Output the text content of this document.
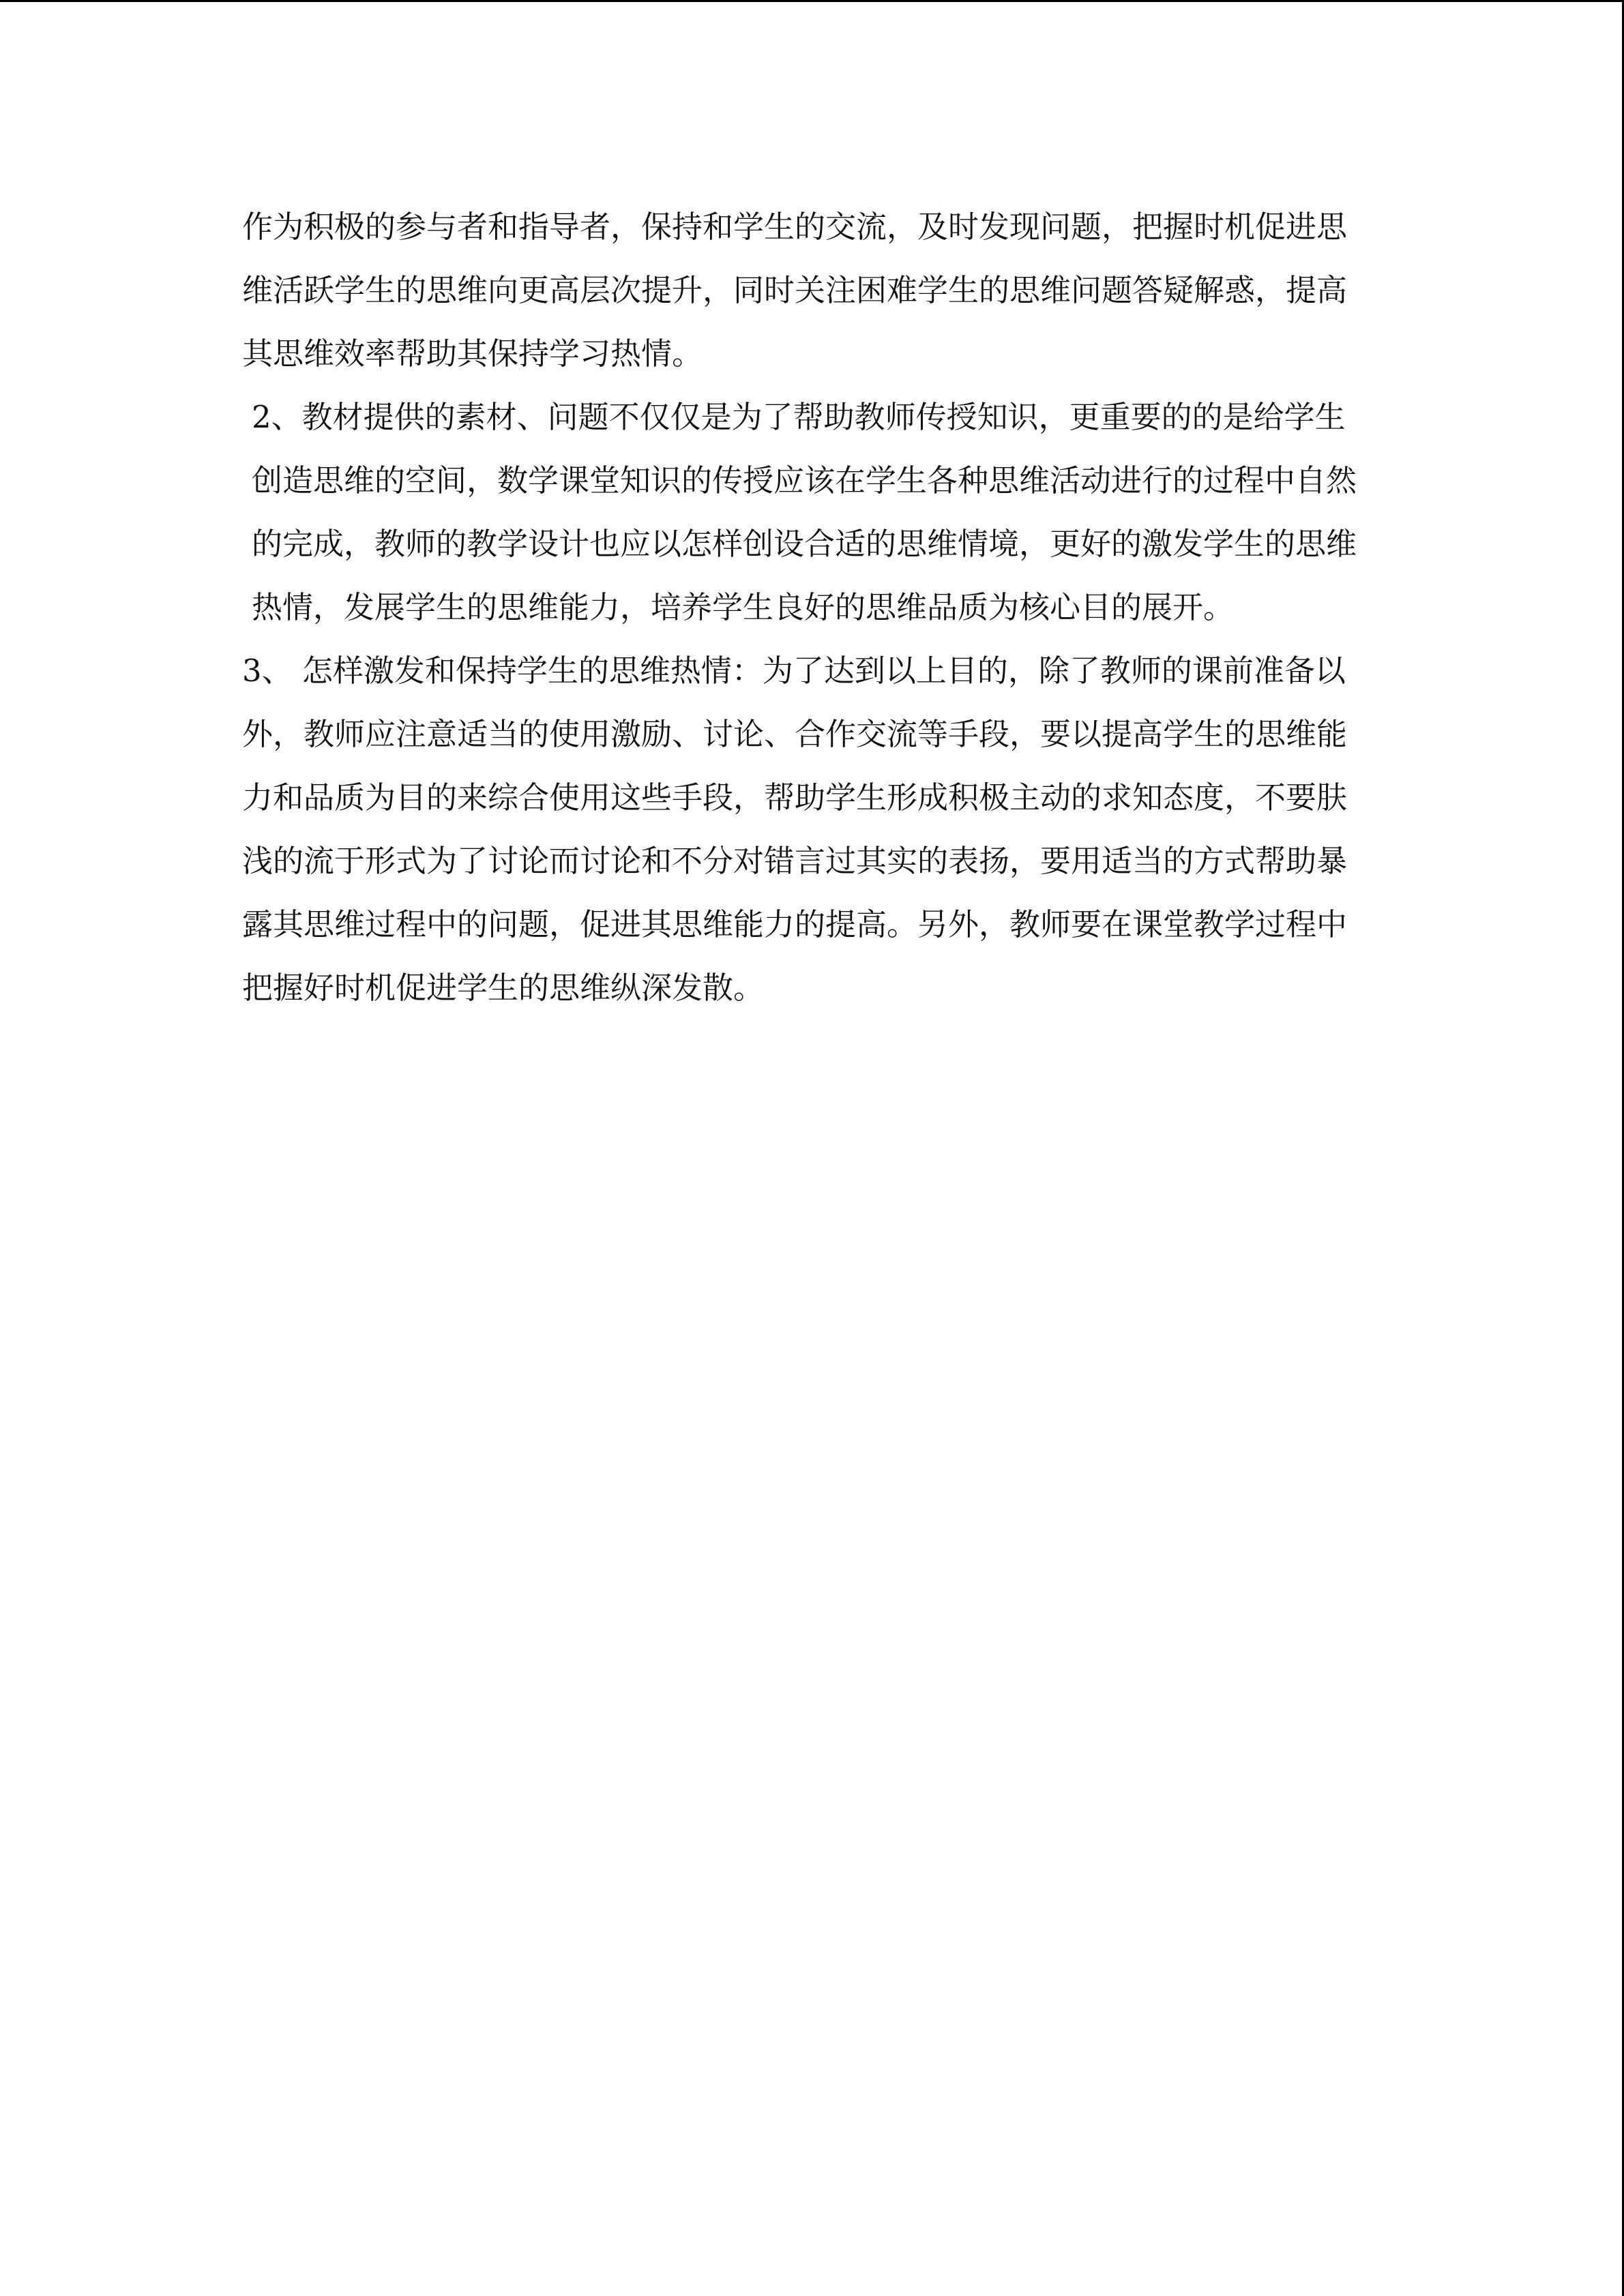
作为积极的参与者和指导者，保持和学生的交流，及时发现问题，把握时机促进思
维活跃学生的思维向更高层次提升，同时关注困难学生的思维问题答疑解惑，提高
其思维效率帮助其保持学习热情。
2、教材提供的素材、问题不仅仅是为了帮助教师传授知识，更重要的的是给学生
创造思维的空间，数学课堂知识的传授应该在学生各种思维活动进行的过程中自然
的完成，教师的教学设计也应以怎样创设合适的思维情境，更好的激发学生的思维
热情，发展学生的思维能力，培养学生良好的思维品质为核心目的展开。
3、 怎样激发和保持学生的思维热情：为了达到以上目的，除了教师的课前准备以
外，教师应注意适当的使用激励、讨论、合作交流等手段，要以提高学生的思维能
力和品质为目的来综合使用这些手段，帮助学生形成积极主动的求知态度，不要肤
浅的流于形式为了讨论而讨论和不分对错言过其实的表扬，要用适当的方式帮助暴
露其思维过程中的问题，促进其思维能力的提高。另外，教师要在课堂教学过程中
把握好时机促进学生的思维纵深发散。
